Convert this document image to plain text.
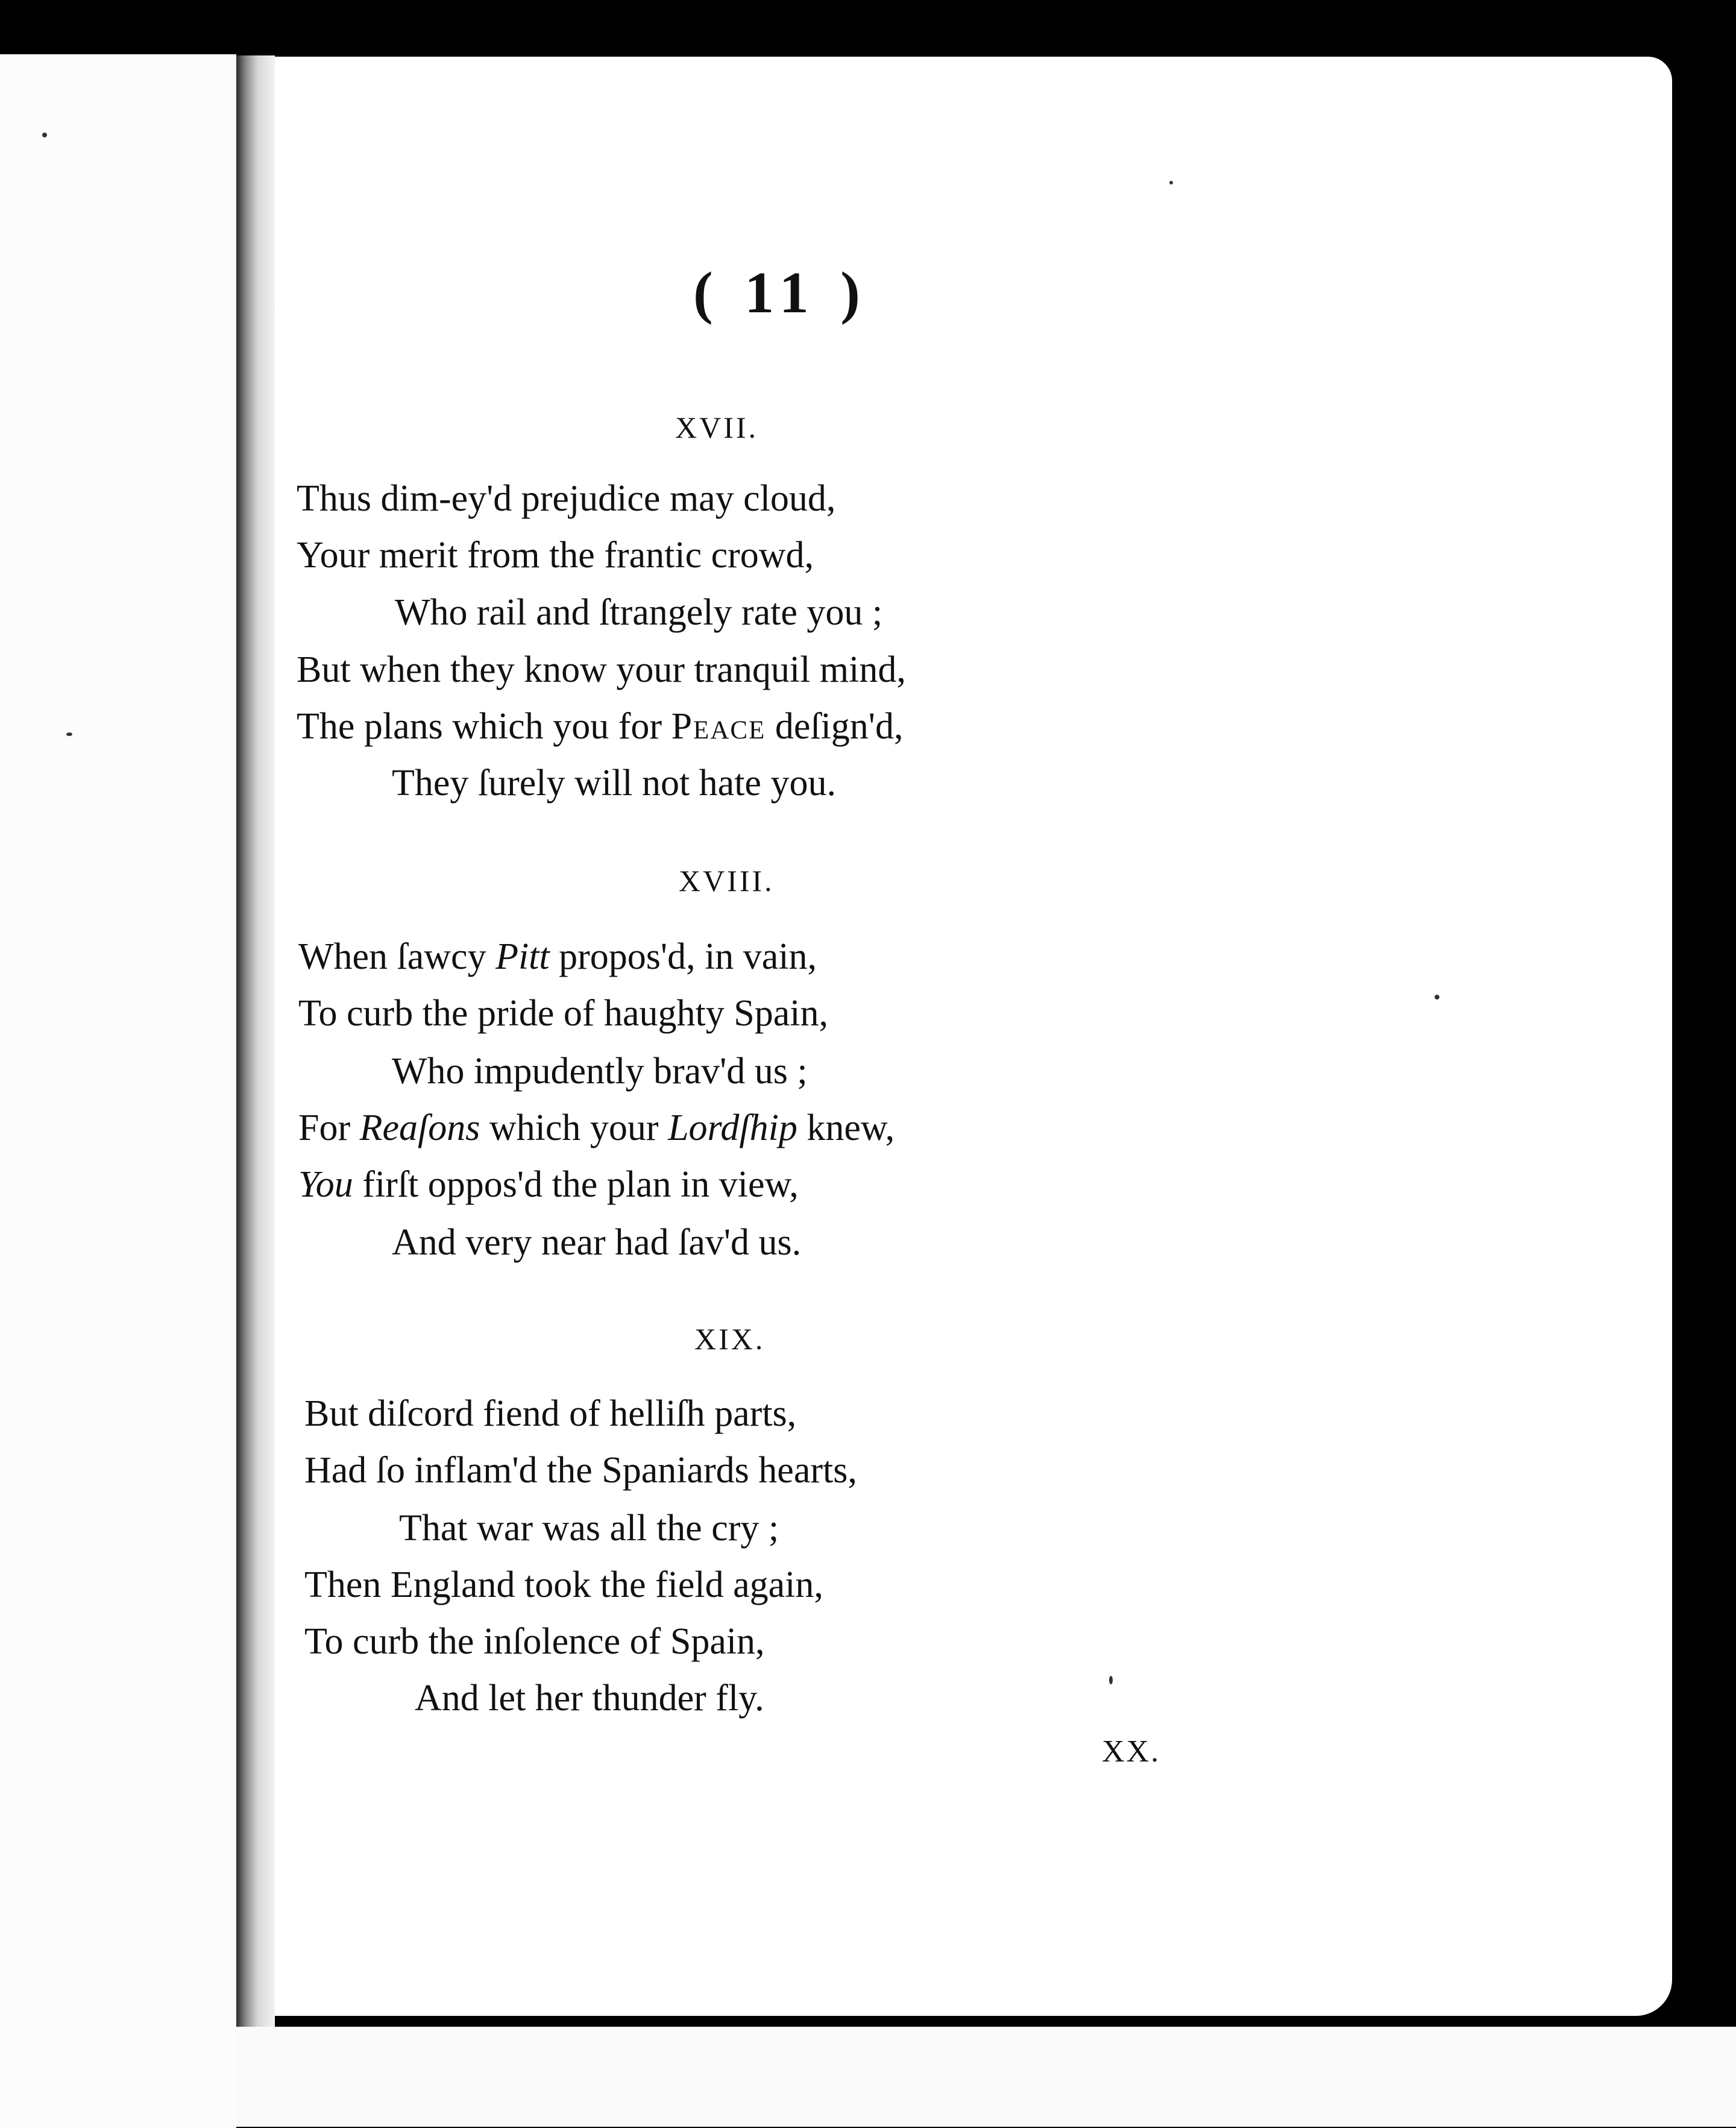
( 11 )
XVII.
Thus dim-ey'd prejudice may cloud,
Your merit from the frantic crowd,
Who rail and ſtrangely rate you ;
But when they know your tranquil mind,
The plans which you for Peace deſign'd,
They ſurely will not hate you.
XVIII.
When ſawcy Pitt propos'd, in vain,
To curb the pride of haughty Spain,
Who impudently brav'd us ;
For Reaſons which your Lordſhip knew,
You firſt oppos'd the plan in view,
And very near had ſav'd us.
XIX.
But diſcord fiend of helliſh parts,
Had ſo inflam'd the Spaniards hearts,
That war was all the cry ;
Then England took the field again,
To curb the inſolence of Spain,
And let her thunder fly.
XX.
